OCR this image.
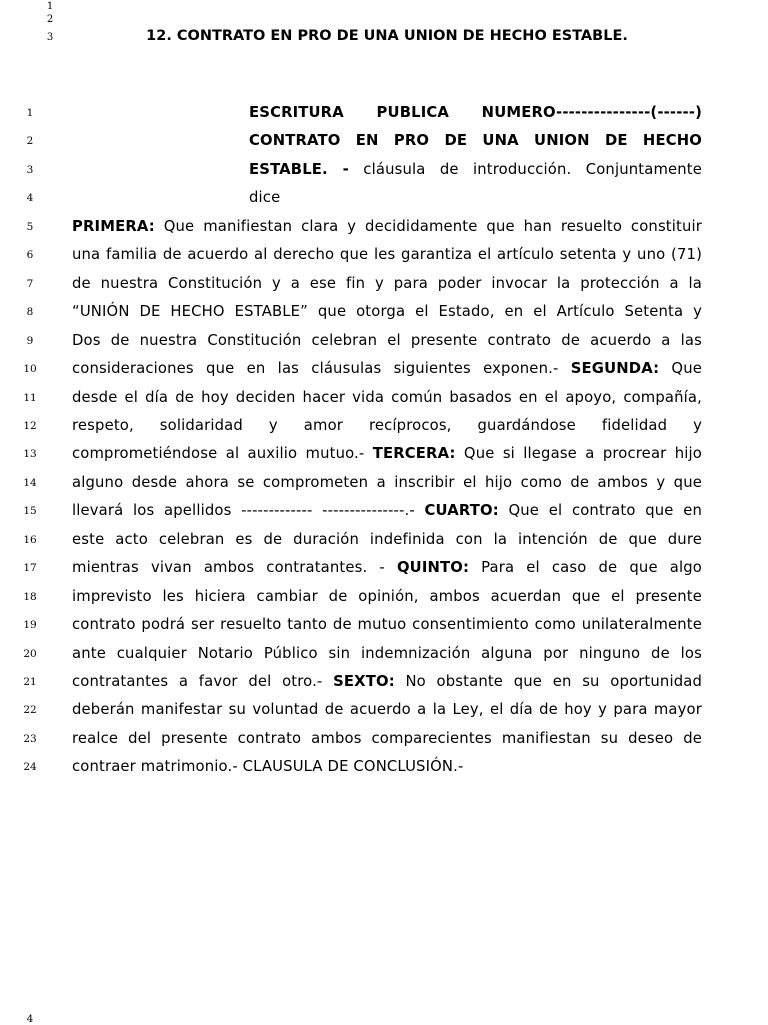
1
2
3	12. CONTRATO EN PRO DE UNA UNION DE HECHO ESTABLE.
1	ESCRITURA PUBLICA NUMERO---------------(------)
2	CONTRATO EN PRO DE UNA UNION DE HECHO
3	ESTABLE. - cláusula de introducción. Conjuntamente
4	dice
5	PRIMERA: Que manifiestan clara y decididamente que han resuelto constituir
6	una familia de acuerdo al derecho que les garantiza el artículo setenta y uno (71)
7	de nuestra Constitución y a ese fin y para poder invocar la protección a la
8	“UNIÓN DE HECHO ESTABLE” que otorga el Estado, en el Artículo Setenta y
9	Dos de nuestra Constitución celebran el presente contrato de acuerdo a las
10	consideraciones que en las cláusulas siguientes exponen.- SEGUNDA: Que
11	desde el día de hoy deciden hacer vida común basados en el apoyo, compañía,
12	respeto, solidaridad y amor recíprocos, guardándose fidelidad y
13	comprometiéndose al auxilio mutuo.- TERCERA: Que si llegase a procrear hijo
14	alguno desde ahora se comprometen a inscribir el hijo como de ambos y que
15	llevará los apellidos ------------- ---------------.- CUARTO: Que el contrato que en
16	este acto celebran es de duración indefinida con la intención de que dure
17	mientras vivan ambos contratantes. - QUINTO: Para el caso de que algo
18	imprevisto les hiciera cambiar de opinión, ambos acuerdan que el presente
19	contrato podrá ser resuelto tanto de mutuo consentimiento como unilateralmente
20	ante cualquier Notario Público sin indemnización alguna por ninguno de los
21	contratantes a favor del otro.- SEXTO: No obstante que en su oportunidad
22	deberán manifestar su voluntad de acuerdo a la Ley, el día de hoy y para mayor
23	realce del presente contrato ambos comparecientes manifiestan su deseo de
24	contraer matrimonio.- CLAUSULA DE CONCLUSIÓN.-
4
